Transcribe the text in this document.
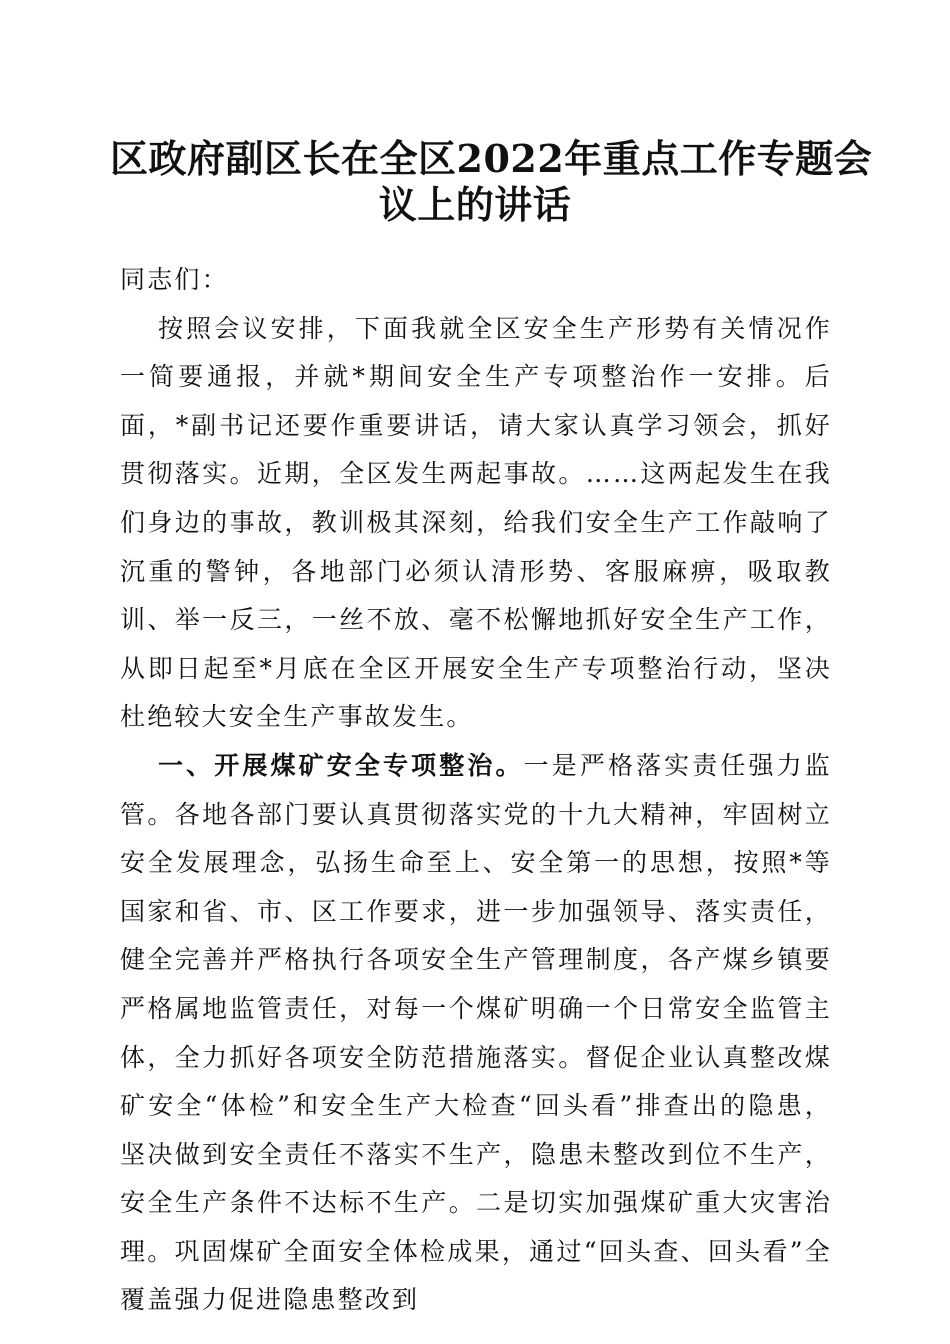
区政府副区长在全区2022年重点工作专题会
议上的讲话

同志们：

按照会议安排，下面我就全区安全生产形势有关情况作一简要通报，并就*期间安全生产专项整治作一安排。后面，*副书记还要作重要讲话，请大家认真学习领会，抓好贯彻落实。近期，全区发生两起事故。……这两起发生在我们身边的事故，教训极其深刻，给我们安全生产工作敲响了沉重的警钟，各地部门必须认清形势、客服麻痹，吸取教训、举一反三，一丝不放、毫不松懈地抓好安全生产工作，从即日起至*月底在全区开展安全生产专项整治行动，坚决杜绝较大安全生产事故发生。

一、开展煤矿安全专项整治。一是严格落实责任强力监管。各地各部门要认真贯彻落实党的十九大精神，牢固树立安全发展理念，弘扬生命至上、安全第一的思想，按照*等国家和省、市、区工作要求，进一步加强领导、落实责任，健全完善并严格执行各项安全生产管理制度，各产煤乡镇要严格属地监管责任，对每一个煤矿明确一个日常安全监管主体，全力抓好各项安全防范措施落实。督促企业认真整改煤矿安全“体检”和安全生产大检查“回头看”排查出的隐患，坚决做到安全责任不落实不生产，隐患未整改到位不生产，安全生产条件不达标不生产。二是切实加强煤矿重大灾害治理。巩固煤矿全面安全体检成果，通过“回头查、回头看”全覆盖强力促进隐患整改到
